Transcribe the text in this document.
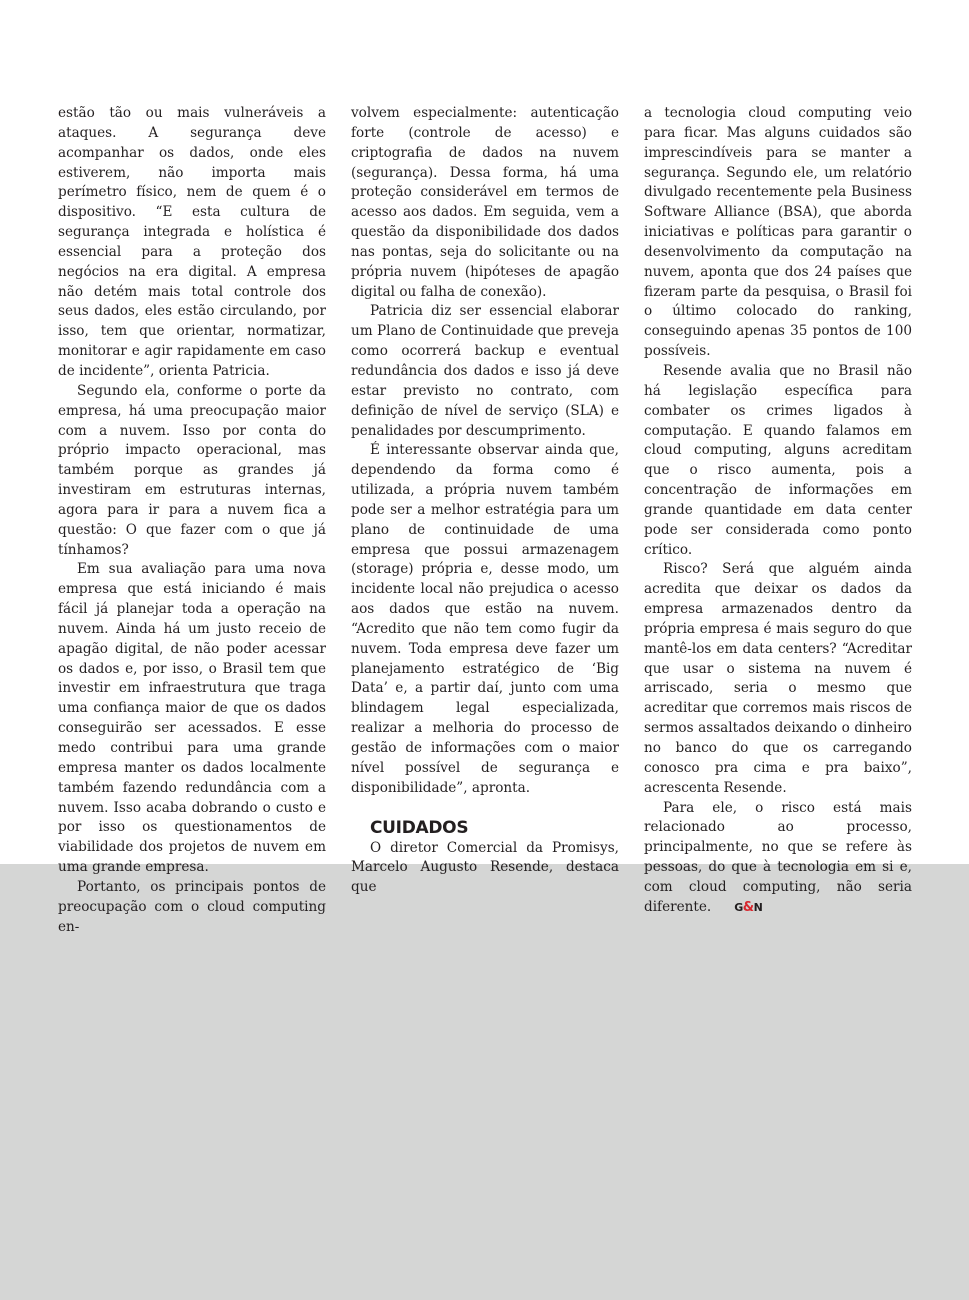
estão tão ou mais vulneráveis a ataques. A segurança deve acompanhar os dados, onde eles estiverem, não importa mais perímetro físico, nem de quem é o dispositivo. “E esta cultura de segurança integrada e holística é essencial para a proteção dos negócios na era digital. A empresa não detém mais total controle dos seus dados, eles estão circulando, por isso, tem que orientar, normatizar, monitorar e agir rapidamente em caso de incidente”, orienta Patricia.

Segundo ela, conforme o porte da empresa, há uma preocupação maior com a nuvem. Isso por conta do próprio impacto operacional, mas também porque as grandes já investiram em estruturas internas, agora para ir para a nuvem fica a questão: O que fazer com o que já tínhamos?

Em sua avaliação para uma nova empresa que está iniciando é mais fácil já planejar toda a operação na nuvem. Ainda há um justo receio de apagão digital, de não poder acessar os dados e, por isso, o Brasil tem que investir em infraestrutura que traga uma confiança maior de que os dados conseguirão ser acessados. E esse medo contribui para uma grande empresa manter os dados localmente também fazendo redundância com a nuvem. Isso acaba dobrando o custo e por isso os questionamentos de viabilidade dos projetos de nuvem em uma grande empresa.

Portanto, os principais pontos de preocupação com o cloud computing en-

volvem especialmente: autenticação forte (controle de acesso) e criptografia de dados na nuvem (segurança). Dessa forma, há uma proteção considerável em termos de acesso aos dados. Em seguida, vem a questão da disponibilidade dos dados nas pontas, seja do solicitante ou na própria nuvem (hipóteses de apagão digital ou falha de conexão).

Patricia diz ser essencial elaborar um Plano de Continuidade que preveja como ocorrerá backup e eventual redundância dos dados e isso já deve estar previsto no contrato, com definição de nível de serviço (SLA) e penalidades por descumprimento.

É interessante observar ainda que, dependendo da forma como é utilizada, a própria nuvem também pode ser a melhor estratégia para um plano de continuidade de uma empresa que possui armazenagem (storage) própria e, desse modo, um incidente local não prejudica o acesso aos dados que estão na nuvem. “Acredito que não tem como fugir da nuvem. Toda empresa deve fazer um planejamento estratégico de ‘Big Data’ e, a partir daí, junto com uma blindagem legal especializada, realizar a melhoria do processo de gestão de informações com o maior nível possível de segurança e disponibilidade”, apronta.

CUIDADOS

O diretor Comercial da Promisys, Marcelo Augusto Resende, destaca que

a tecnologia cloud computing veio para ficar. Mas alguns cuidados são imprescindíveis para se manter a segurança. Segundo ele, um relatório divulgado recentemente pela Business Software Alliance (BSA), que aborda iniciativas e políticas para garantir o desenvolvimento da computação na nuvem, aponta que dos 24 países que fizeram parte da pesquisa, o Brasil foi o último colocado do ranking, conseguindo apenas 35 pontos de 100 possíveis.

Resende avalia que no Brasil não há legislação específica para combater os crimes ligados à computação. E quando falamos em cloud computing, alguns acreditam que o risco aumenta, pois a concentração de informações em grande quantidade em data center pode ser considerada como ponto crítico.

Risco? Será que alguém ainda acredita que deixar os dados da empresa armazenados dentro da própria empresa é mais seguro do que mantê-los em data centers? “Acreditar que usar o sistema na nuvem é arriscado, seria o mesmo que acreditar que corremos mais riscos de sermos assaltados deixando o dinheiro no banco do que os carregando conosco pra cima e pra baixo”, acrescenta Resende.

Para ele, o risco está mais relacionado ao processo, principalmente, no que se refere às pessoas, do que à tecnologia em si e, com cloud computing, não seria diferente. G&N
